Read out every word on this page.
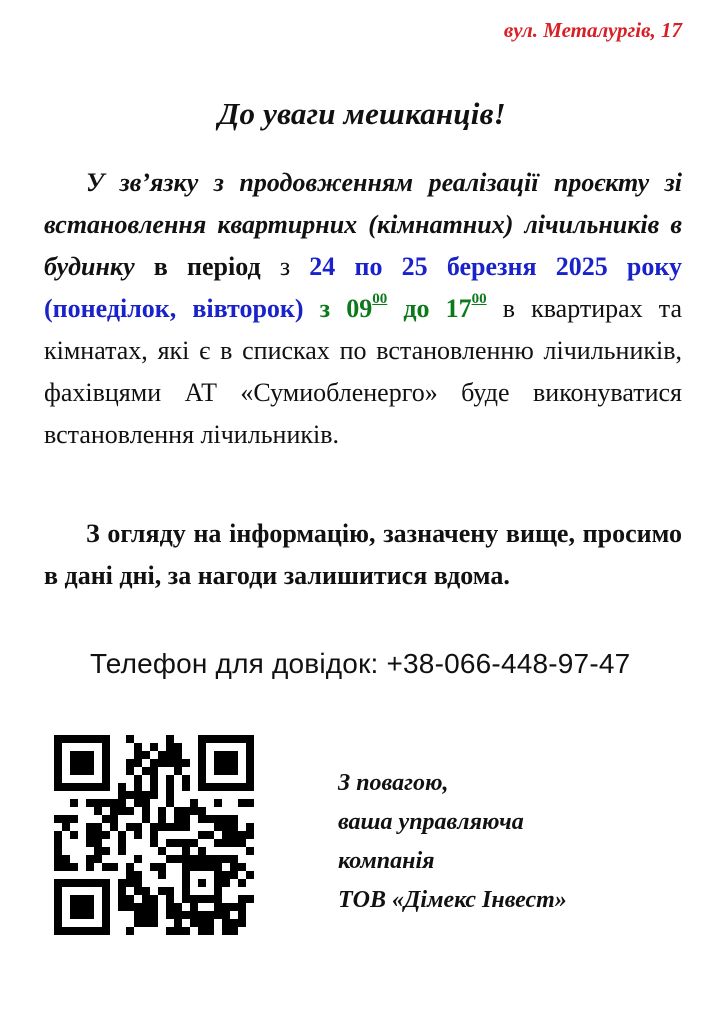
вул. Металургів, 17
До уваги мешканців!
У зв’язку з продовженням реалізації проєкту зі встановлення квартирних (кімнатних) лічильників в будинку в період з 24 по 25 березня 2025 року (понеділок, вівторок) з $09^{00}$ до $17^{00}$ в квартирах та кімнатах, які є в списках по встановленню лічильників, фахівцями АТ «Сумиобленерго» буде виконуватися встановлення лічильників.
З огляду на інформацію, зазначену вище, просимо в дані дні, за нагоди залишитися вдома.
Телефон для довідок: +38-066-448-97-47
З повагою,
ваша управляюча
компанія
ТОВ «Дімекс Інвест»
